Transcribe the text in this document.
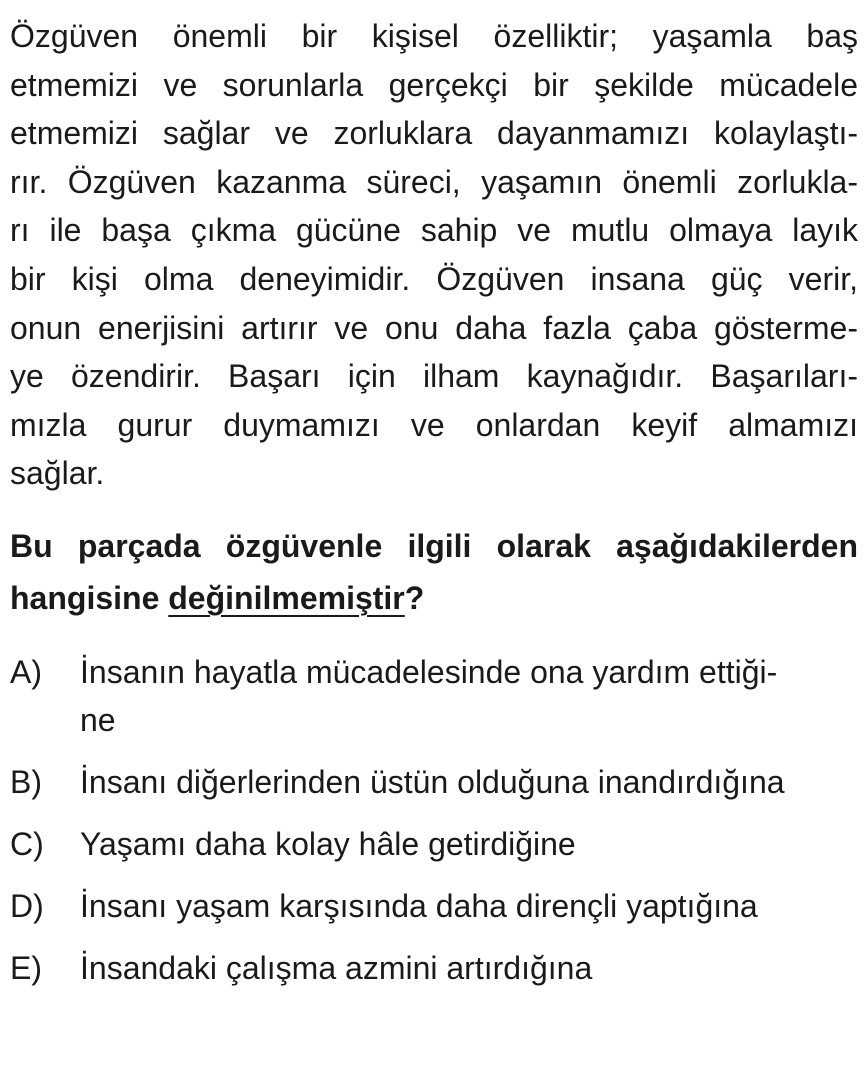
Özgüven önemli bir kişisel özelliktir; yaşamla baş
etmemizi ve sorunlarla gerçekçi bir şekilde mücadele
etmemizi sağlar ve zorluklara dayanmamızı kolaylaştı-
rır. Özgüven kazanma süreci, yaşamın önemli zorlukla-
rı ile başa çıkma gücüne sahip ve mutlu olmaya layık
bir kişi olma deneyimidir. Özgüven insana güç verir,
onun enerjisini artırır ve onu daha fazla çaba gösterme-
ye özendirir. Başarı için ilham kaynağıdır. Başarıları-
mızla gurur duymamızı ve onlardan keyif almamızı
sağlar.
Bu parçada özgüvenle ilgili olarak aşağıdakilerden
hangisine değinilmemiştir?
A)	İnsanın hayatla mücadelesinde ona yardım ettiği-
ne
B)	İnsanı diğerlerinden üstün olduğuna inandırdığına
C)	Yaşamı daha kolay hâle getirdiğine
D)	İnsanı yaşam karşısında daha dirençli yaptığına
E)	İnsandaki çalışma azmini artırdığına
